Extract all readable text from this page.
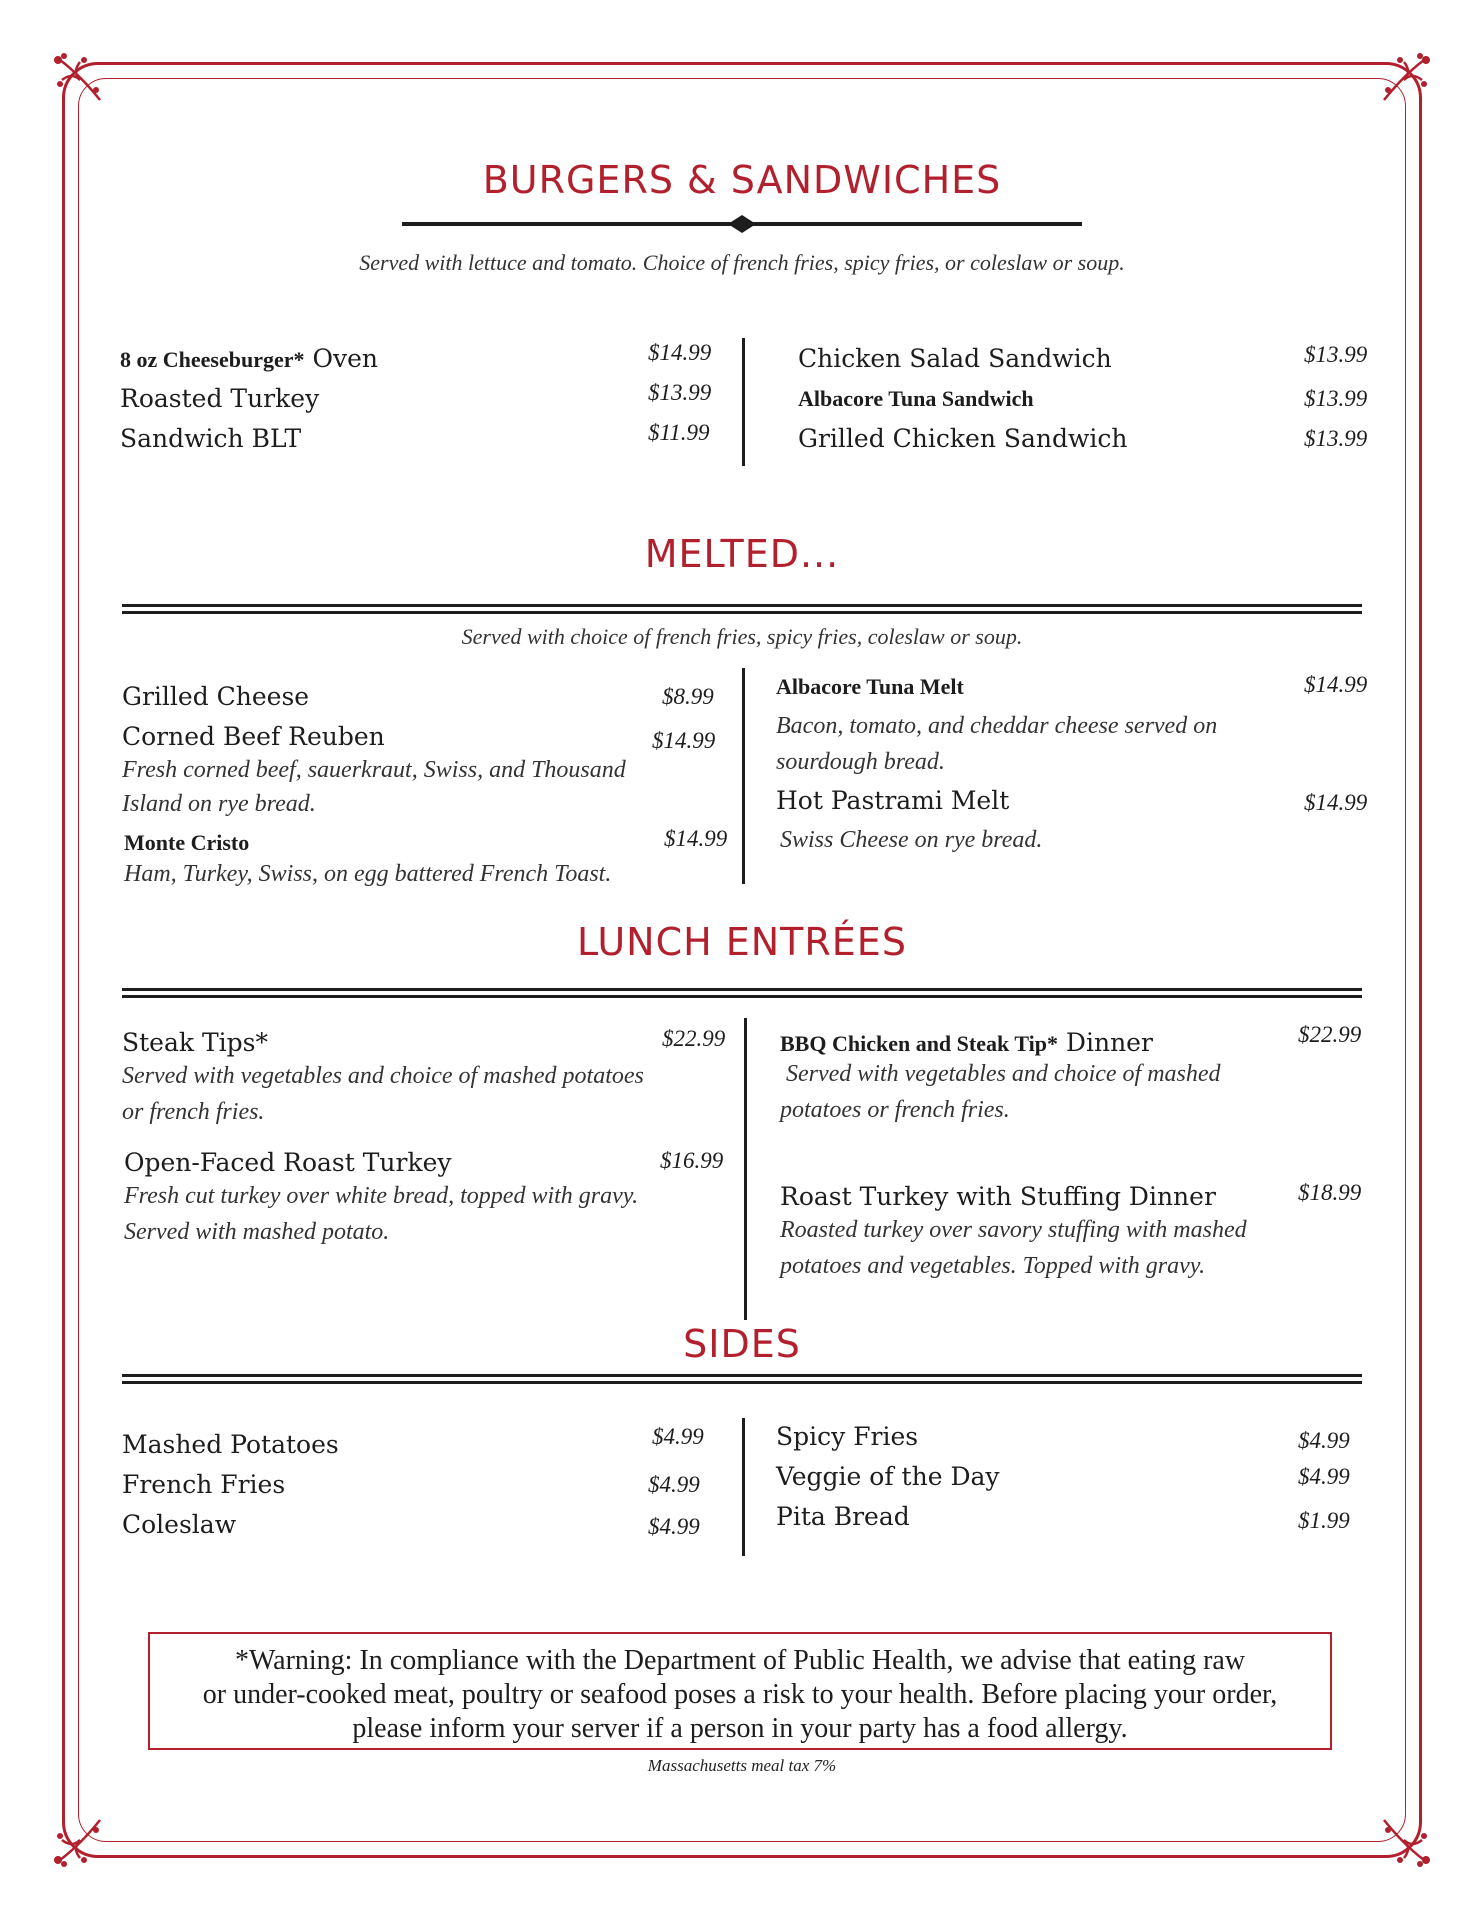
BURGERS & SANDWICHES
Served with lettuce and tomato. Choice of french fries, spicy fries, or coleslaw or soup.
8 oz Cheeseburger* Oven	$14.99
Roasted Turkey	$13.99
Sandwich BLT	$11.99
Chicken Salad Sandwich	$13.99
Albacore Tuna Sandwich	$13.99
Grilled Chicken Sandwich	$13.99
MELTED...
Served with choice of french fries, spicy fries, coleslaw or soup.
Grilled Cheese	$8.99
Corned Beef Reuben	$14.99
Fresh corned beef, sauerkraut, Swiss, and Thousand
Island on rye bread.
Monte Cristo	$14.99
Ham, Turkey, Swiss, on egg battered French Toast.
Albacore Tuna Melt	$14.99
Bacon, tomato, and cheddar cheese served on
sourdough bread.
Hot Pastrami Melt	$14.99
Swiss Cheese on rye bread.
LUNCH ENTRÉES
Steak Tips*	$22.99
Served with vegetables and choice of mashed potatoes
or french fries.
Open-Faced Roast Turkey	$16.99
Fresh cut turkey over white bread, topped with gravy.
Served with mashed potato.
BBQ Chicken and Steak Tip* Dinner	$22.99
Served with vegetables and choice of mashed
potatoes or french fries.
Roast Turkey with Stuffing Dinner	$18.99
Roasted turkey over savory stuffing with mashed
potatoes and vegetables. Topped with gravy.
SIDES
Mashed Potatoes	$4.99
French Fries	$4.99
Coleslaw	$4.99
Spicy Fries	$4.99
Veggie of the Day	$4.99
Pita Bread	$1.99
*Warning: In compliance with the Department of Public Health, we advise that eating raw
or under-cooked meat, poultry or seafood poses a risk to your health. Before placing your order,
please inform your server if a person in your party has a food allergy.
Massachusetts meal tax 7%
